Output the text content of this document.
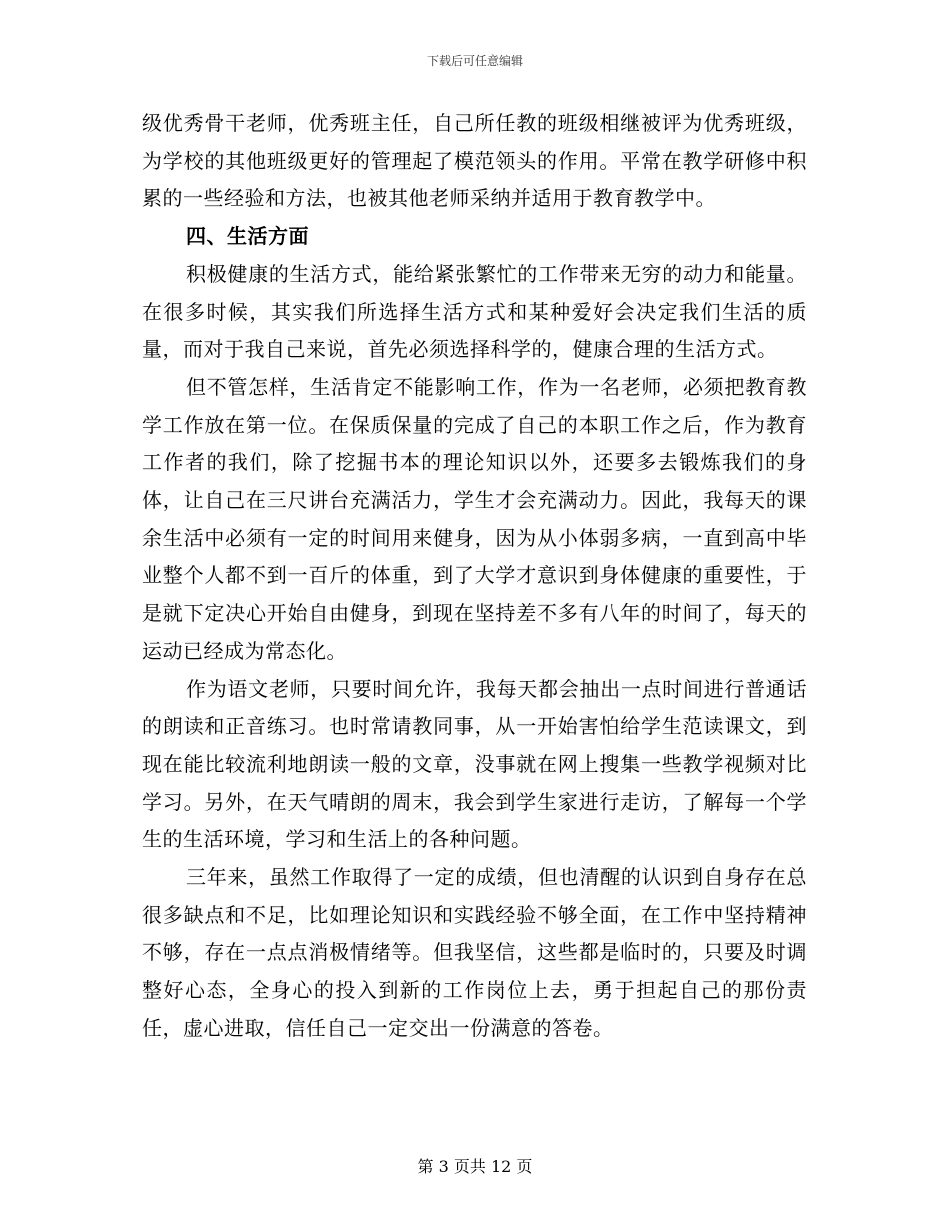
下载后可任意编辑

级优秀骨干老师，优秀班主任，自己所任教的班级相继被评为优秀班级，为学校的其他班级更好的管理起了模范领头的作用。平常在教学研修中积累的一些经验和方法，也被其他老师采纳并适用于教育教学中。

四、生活方面

积极健康的生活方式，能给紧张繁忙的工作带来无穷的动力和能量。在很多时候，其实我们所选择生活方式和某种爱好会决定我们生活的质量，而对于我自己来说，首先必须选择科学的，健康合理的生活方式。

但不管怎样，生活肯定不能影响工作，作为一名老师，必须把教育教学工作放在第一位。在保质保量的完成了自己的本职工作之后，作为教育工作者的我们，除了挖掘书本的理论知识以外，还要多去锻炼我们的身体，让自己在三尺讲台充满活力，学生才会充满动力。因此，我每天的课余生活中必须有一定的时间用来健身，因为从小体弱多病，一直到高中毕业整个人都不到一百斤的体重，到了大学才意识到身体健康的重要性，于是就下定决心开始自由健身，到现在坚持差不多有八年的时间了，每天的运动已经成为常态化。

作为语文老师，只要时间允许，我每天都会抽出一点时间进行普通话的朗读和正音练习。也时常请教同事，从一开始害怕给学生范读课文，到现在能比较流利地朗读一般的文章，没事就在网上搜集一些教学视频对比学习。另外，在天气晴朗的周末，我会到学生家进行走访，了解每一个学生的生活环境，学习和生活上的各种问题。

三年来，虽然工作取得了一定的成绩，但也清醒的认识到自身存在总很多缺点和不足，比如理论知识和实践经验不够全面，在工作中坚持精神不够，存在一点点消极情绪等。但我坚信，这些都是临时的，只要及时调整好心态，全身心的投入到新的工作岗位上去，勇于担起自己的那份责任，虚心进取，信任自己一定交出一份满意的答卷。

第 3 页共 12 页
